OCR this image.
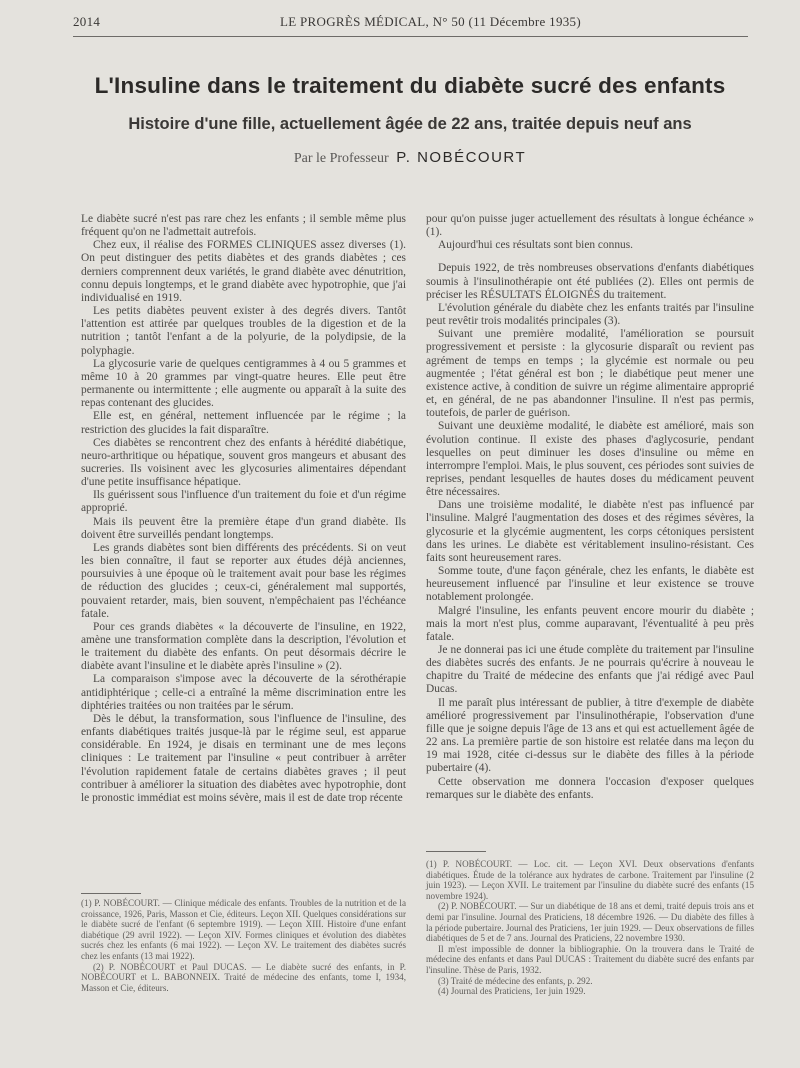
2014	LE PROGRÈS MÉDICAL, N° 50 (11 Décembre 1935)
L'Insuline dans le traitement du diabète sucré des enfants
Histoire d'une fille, actuellement âgée de 22 ans, traitée depuis neuf ans
Par le Professeur P. NOBÉCOURT

Le diabète sucré n'est pas rare chez les enfants ; il semble même plus fréquent qu'on ne l'admettait autrefois.

Chez eux, il réalise des FORMES CLINIQUES assez diverses (1). On peut distinguer des petits diabètes et des grands diabètes ; ces derniers comprennent deux variétés, le grand diabète avec dénutrition, connu depuis longtemps, et le grand diabète avec hypotrophie, que j'ai individualisé en 1919.

Les petits diabètes peuvent exister à des degrés divers. Tantôt l'attention est attirée par quelques troubles de la digestion et de la nutrition ; tantôt l'enfant a de la polyurie, de la polydipsie, de la polyphagie.

La glycosurie varie de quelques centigrammes à 4 ou 5 grammes et même 10 à 20 grammes par vingt-quatre heures. Elle peut être permanente ou intermittente ; elle augmente ou apparaît à la suite des repas contenant des glucides.

Elle est, en général, nettement influencée par le régime ; la restriction des glucides la fait disparaître.

Ces diabètes se rencontrent chez des enfants à hérédité diabétique, neuro-arthritique ou hépatique, souvent gros mangeurs et abusant des sucreries. Ils voisinent avec les glycosuries alimentaires dépendant d'une petite insuffisance hépatique.

Ils guérissent sous l'influence d'un traitement du foie et d'un régime approprié.

Mais ils peuvent être la première étape d'un grand diabète. Ils doivent être surveillés pendant longtemps.

Les grands diabètes sont bien différents des précédents. Si on veut les bien connaître, il faut se reporter aux études déjà anciennes, poursuivies à une époque où le traitement avait pour base les régimes de réduction des glucides ; ceux-ci, généralement mal supportés, pouvaient retarder, mais, bien souvent, n'empêchaient pas l'échéance fatale.

Pour ces grands diabètes « la découverte de l'insuline, en 1922, amène une transformation complète dans la description, l'évolution et le traitement du diabète des enfants. On peut désormais décrire le diabète avant l'insuline et le diabète après l'insuline » (2).

La comparaison s'impose avec la découverte de la sérothérapie antidiphtérique ; celle-ci a entraîné la même discrimination entre les diphtéries traitées ou non traitées par le sérum.

Dès le début, la transformation, sous l'influence de l'insuline, des enfants diabétiques traités jusque-là par le régime seul, est apparue considérable. En 1924, je disais en terminant une de mes leçons cliniques : Le traitement par l'insuline « peut contribuer à arrêter l'évolution rapidement fatale de certains diabètes graves ; il peut contribuer à améliorer la situation des diabètes avec hypotrophie, dont le pronostic immédiat est moins sévère, mais il est de date trop récente

pour qu'on puisse juger actuellement des résultats à longue échéance » (1).

Aujourd'hui ces résultats sont bien connus.

Depuis 1922, de très nombreuses observations d'enfants diabétiques soumis à l'insulinothérapie ont été publiées (2). Elles ont permis de préciser les RÉSULTATS ÉLOIGNÉS du traitement.

L'évolution générale du diabète chez les enfants traités par l'insuline peut revêtir trois modalités principales (3).

Suivant une première modalité, l'amélioration se poursuit progressivement et persiste : la glycosurie disparaît ou revient pas agrément de temps en temps ; la glycémie est normale ou peu augmentée ; l'état général est bon ; le diabétique peut mener une existence active, à condition de suivre un régime alimentaire approprié et, en général, de ne pas abandonner l'insuline. Il n'est pas permis, toutefois, de parler de guérison.

Suivant une deuxième modalité, le diabète est amélioré, mais son évolution continue. Il existe des phases d'aglycosurie, pendant lesquelles on peut diminuer les doses d'insuline ou même en interrompre l'emploi. Mais, le plus souvent, ces périodes sont suivies de reprises, pendant lesquelles de hautes doses du médicament peuvent être nécessaires.

Dans une troisième modalité, le diabète n'est pas influencé par l'insuline. Malgré l'augmentation des doses et des régimes sévères, la glycosurie et la glycémie augmentent, les corps cétoniques persistent dans les urines. Le diabète est véritablement insulino-résistant. Ces faits sont heureusement rares.

Somme toute, d'une façon générale, chez les enfants, le diabète est heureusement influencé par l'insuline et leur existence se trouve notablement prolongée.

Malgré l'insuline, les enfants peuvent encore mourir du diabète ; mais la mort n'est plus, comme auparavant, l'éventualité à peu près fatale.

Je ne donnerai pas ici une étude complète du traitement par l'insuline des diabètes sucrés des enfants. Je ne pourrais qu'écrire à nouveau le chapitre du Traité de médecine des enfants que j'ai rédigé avec Paul Ducas.

Il me paraît plus intéressant de publier, à titre d'exemple de diabète amélioré progressivement par l'insulinothérapie, l'observation d'une fille que je soigne depuis l'âge de 13 ans et qui est actuellement âgée de 22 ans. La première partie de son histoire est relatée dans ma leçon du 19 mai 1928, citée ci-dessus sur le diabète des filles à la période pubertaire (4).

Cette observation me donnera l'occasion d'exposer quelques remarques sur le diabète des enfants.

(1) P. NOBÉCOURT. — Clinique médicale des enfants. Troubles de la nutrition et de la croissance, 1926, Paris, Masson et Cie, éditeurs. Leçon XII. Quelques considérations sur le diabète sucré de l'enfant (6 septembre 1919). — Leçon XIII. Histoire d'une enfant diabétique (29 avril 1922). — Leçon XIV. Formes cliniques et évolution des diabètes sucrés chez les enfants (6 mai 1922). — Leçon XV. Le traitement des diabètes sucrés chez les enfants (13 mai 1922).

(2) P. NOBÉCOURT et Paul DUCAS. — Le diabète sucré des enfants, in P. NOBÉCOURT et L. BABONNEIX. Traité de médecine des enfants, tome I, 1934, Masson et Cie, éditeurs.

(1) P. NOBÉCOURT. — Loc. cit. — Leçon XVI. Deux observations d'enfants diabétiques. Étude de la tolérance aux hydrates de carbone. Traitement par l'insuline (2 juin 1923). — Leçon XVII. Le traitement par l'insuline du diabète sucré des enfants (15 novembre 1924).

(2) P. NOBÉCOURT. — Sur un diabétique de 18 ans et demi, traité depuis trois ans et demi par l'insuline. Journal des Praticiens, 18 décembre 1926. — Du diabète des filles à la période pubertaire. Journal des Praticiens, 1er juin 1929. — Deux observations de filles diabétiques de 5 et de 7 ans. Journal des Praticiens, 22 novembre 1930.

Il m'est impossible de donner la bibliographie. On la trouvera dans le Traité de médecine des enfants et dans Paul DUCAS : Traitement du diabète sucré des enfants par l'insuline. Thèse de Paris, 1932.

(3) Traité de médecine des enfants, p. 292.

(4) Journal des Praticiens, 1er juin 1929.
